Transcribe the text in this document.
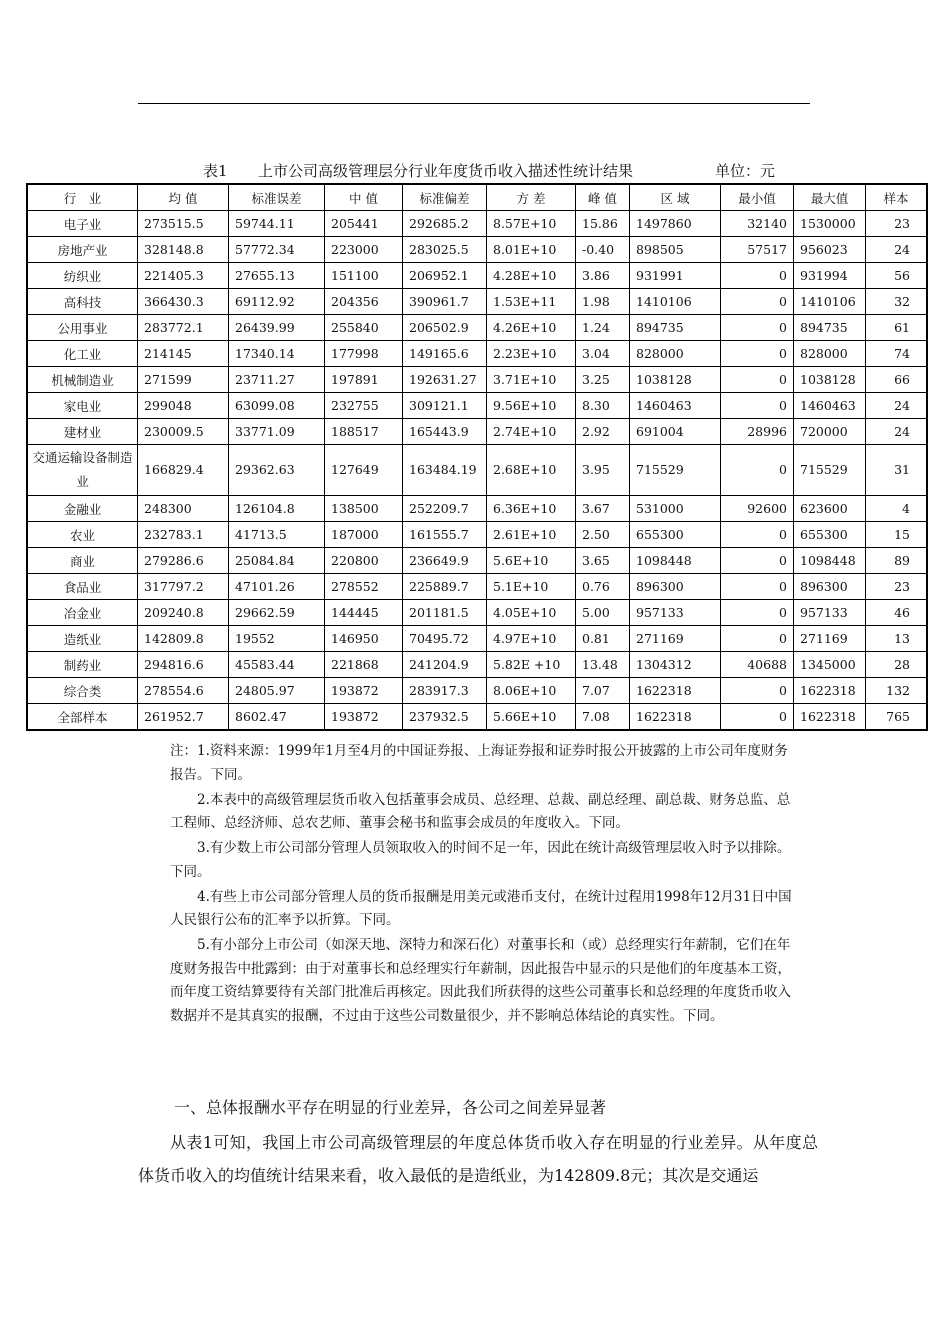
表1

上市公司高级管理层分行业年度货币收入描述性统计结果

	单位：元

行　业	均 值	标准误差	中 值	标准偏差	方 差	峰 值	区 域	最小值	最大值	样本
电子业	273515.5	59744.11	205441	292685.2	8.57E+10	15.86	1497860	32140	1530000	23
房地产业	328148.8	57772.34	223000	283025.5	8.01E+10	-0.40	898505	57517	956023	24
纺织业	221405.3	27655.13	151100	206952.1	4.28E+10	3.86	931991	0	931994	56
高科技	366430.3	69112.92	204356	390961.7	1.53E+11	1.98	1410106	0	1410106	32
公用事业	283772.1	26439.99	255840	206502.9	4.26E+10	1.24	894735	0	894735	61
化工业	214145	17340.14	177998	149165.6	2.23E+10	3.04	828000	0	828000	74
机械制造业	271599	23711.27	197891	192631.27	3.71E+10	3.25	1038128	0	1038128	66
家电业	299048	63099.08	232755	309121.1	9.56E+10	8.30	1460463	0	1460463	24
建材业	230009.5	33771.09	188517	165443.9	2.74E+10	2.92	691004	28996	720000	24
交通运输设备制造业	166829.4	29362.63	127649	163484.19	2.68E+10	3.95	715529	0	715529	31
金融业	248300	126104.8	138500	252209.7	6.36E+10	3.67	531000	92600	623600	4
农业	232783.1	41713.5	187000	161555.7	2.61E+10	2.50	655300	0	655300	15
商业	279286.6	25084.84	220800	236649.9	5.6E+10	3.65	1098448	0	1098448	89
食品业	317797.2	47101.26	278552	225889.7	5.1E+10	0.76	896300	0	896300	23
冶金业	209240.8	29662.59	144445	201181.5	4.05E+10	5.00	957133	0	957133	46
造纸业	142809.8	19552	146950	70495.72	4.97E+10	0.81	271169	0	271169	13
制药业	294816.6	45583.44	221868	241204.9	5.82E +10	13.48	1304312	40688	1345000	28
综合类	278554.6	24805.97	193872	283917.3	8.06E+10	7.07	1622318	0	1622318	132
全部样本	261952.7	8602.47	193872	237932.5	5.66E+10	7.08	1622318	0	1622318	765

注：1.资料来源：1999年1月至4月的中国证券报、上海证券报和证券时报公开披露的上市公司年度财务报告。下同。

2.本表中的高级管理层货币收入包括董事会成员、总经理、总裁、副总经理、副总裁、财务总监、总工程师、总经济师、总农艺师、董事会秘书和监事会成员的年度收入。下同。

3.有少数上市公司部分管理人员领取收入的时间不足一年，因此在统计高级管理层收入时予以排除。下同。

4.有些上市公司部分管理人员的货币报酬是用美元或港币支付，在统计过程用1998年12月31日中国人民银行公布的汇率予以折算。下同。

5.有小部分上市公司（如深天地、深特力和深石化）对董事长和（或）总经理实行年薪制，它们在年度财务报告中批露到：由于对董事长和总经理实行年薪制，因此报告中显示的只是他们的年度基本工资，而年度工资结算要待有关部门批准后再核定。因此我们所获得的这些公司董事长和总经理的年度货币收入数据并不是其真实的报酬，不过由于这些公司数量很少，并不影响总体结论的真实性。下同。

一、总体报酬水平存在明显的行业差异，各公司之间差异显著
从表1可知，我国上市公司高级管理层的年度总体货币收入存在明显的行业差异。从年度总体货币收入的均值统计结果来看，收入最低的是造纸业，为142809.8元；其次是交通运
